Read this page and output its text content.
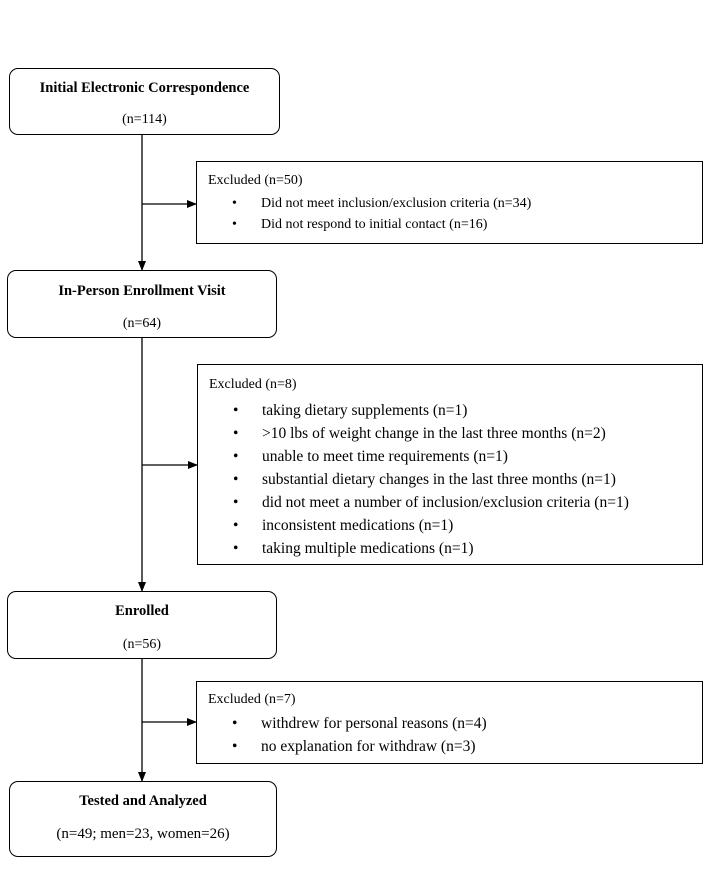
Initial Electronic Correspondence
(n=114)
Excluded (n=50)
• Did not meet inclusion/exclusion criteria (n=34)
• Did not respond to initial contact (n=16)
In-Person Enrollment Visit
(n=64)
Excluded (n=8)
• taking dietary supplements (n=1)
• >10 lbs of weight change in the last three months (n=2)
• unable to meet time requirements (n=1)
• substantial dietary changes in the last three months (n=1)
• did not meet a number of inclusion/exclusion criteria (n=1)
• inconsistent medications (n=1)
• taking multiple medications (n=1)
Enrolled
(n=56)
Excluded (n=7)
• withdrew for personal reasons (n=4)
• no explanation for withdraw (n=3)
Tested and Analyzed
(n=49; men=23, women=26)
